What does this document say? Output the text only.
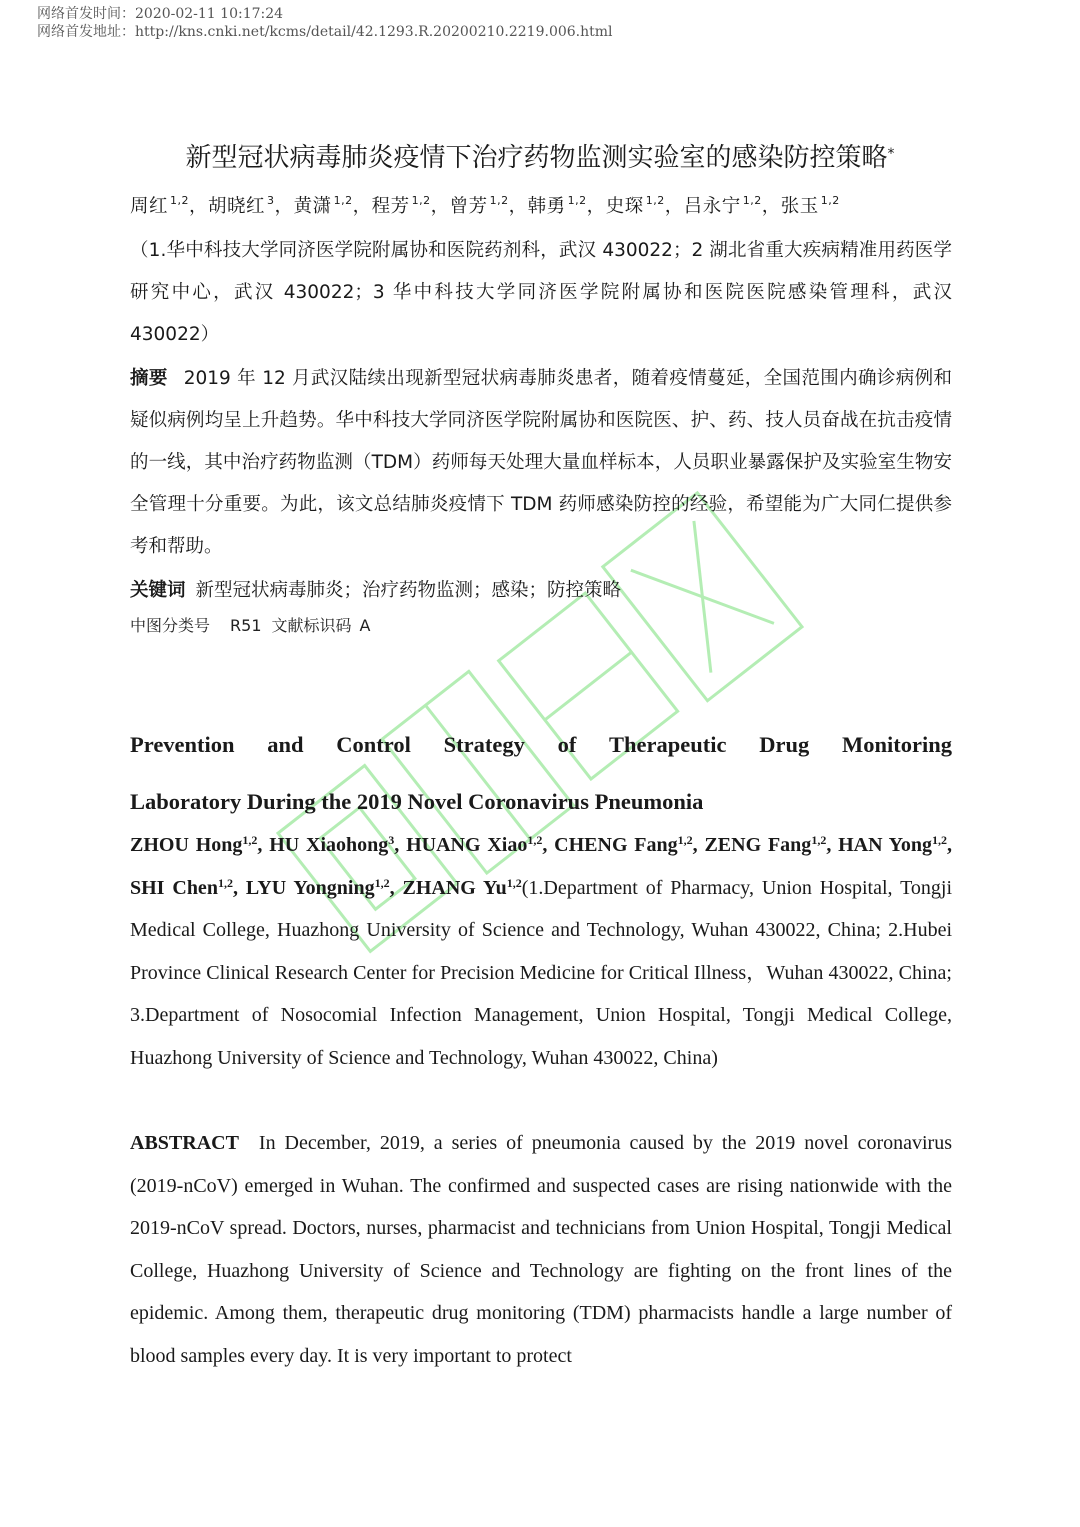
网络首发时间：2020-02-11 10:17:24
网络首发地址：http://kns.cnki.net/kcms/detail/42.1293.R.20200210.2219.006.html
新型冠状病毒肺炎疫情下治疗药物监测实验室的感染防控策略*
周红 $^{1,2}$，胡晓红 $^3$，黄潇 $^{1,2}$，程芳 $^{1,2}$，曾芳 $^{1,2}$，韩勇 $^{1,2}$，史琛 $^{1,2}$，吕永宁 $^{1,2}$，张玉 $^{1,2}$
（1.华中科技大学同济医学院附属协和医院药剂科，武汉 430022；2 湖北省重大疾病精准用药医学研究中心，武汉 430022；3 华中科技大学同济医学院附属协和医院医院感染管理科，武汉 430022）
摘要 2019 年 12 月武汉陆续出现新型冠状病毒肺炎患者，随着疫情蔓延，全国范围内确诊病例和疑似病例均呈上升趋势。华中科技大学同济医学院附属协和医院医、护、药、技人员奋战在抗击疫情的一线，其中治疗药物监测（TDM）药师每天处理大量血样标本，人员职业暴露保护及实验室生物安全管理十分重要。为此，该文总结肺炎疫情下 TDM 药师感染防控的经验，希望能为广大同仁提供参考和帮助。
关键词 新型冠状病毒肺炎；治疗药物监测；感染；防控策略
中图分类号 R51 文献标识码 A
Prevention and Control Strategy of Therapeutic Drug Monitoring
Laboratory During the 2019 Novel Coronavirus Pneumonia
ZHOU Hong$^{1,2}$, HU Xiaohong$^3$, HUANG Xiao$^{1,2}$, CHENG Fang$^{1,2}$, ZENG Fang$^{1,2}$, HAN Yong$^{1,2}$, SHI Chen$^{1,2}$, LYU Yongning$^{1,2}$, ZHANG Yu$^{1,2}$(1.Department of Pharmacy, Union Hospital, Tongji Medical College, Huazhong University of Science and Technology, Wuhan 430022, China; 2.Hubei Province Clinical Research Center for Precision Medicine for Critical Illness，Wuhan 430022, China; 3.Department of Nosocomial Infection Management, Union Hospital, Tongji Medical College, Huazhong University of Science and Technology, Wuhan 430022, China)
ABSTRACT In December, 2019, a series of pneumonia caused by the 2019 novel coronavirus (2019-nCoV) emerged in Wuhan. The confirmed and suspected cases are rising nationwide with the 2019-nCoV spread. Doctors, nurses, pharmacist and technicians from Union Hospital, Tongji Medical College, Huazhong University of Science and Technology are fighting on the front lines of the epidemic. Among them, therapeutic drug monitoring (TDM) pharmacists handle a large number of blood samples every day. It is very important to protect
